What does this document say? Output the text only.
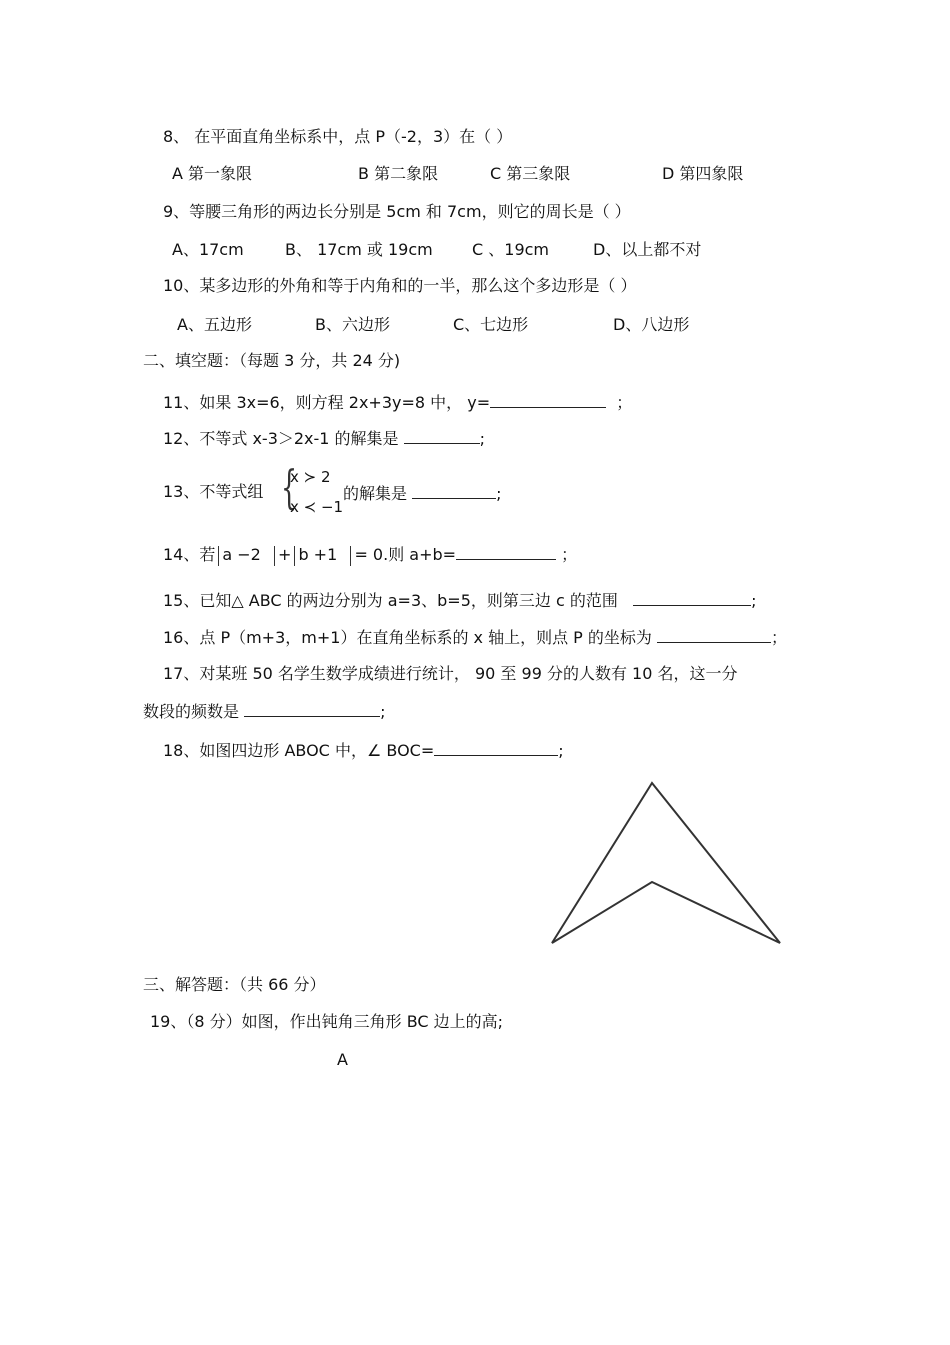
8、 在平面直角坐标系中，点 P（-2，3）在（ ）
A 第一象限	B 第二象限	C 第三象限	D 第四象限
9、等腰三角形的两边长分别是 5cm 和 7cm，则它的周长是（ ）
A、17cm	B、 17cm 或 19cm C 、19cm	D、以上都不对
10、某多边形的外角和等于内角和的一半，那么这个多边形是（ ）
A、五边形	B、六边形	C、七边形	D、八边形
二、填空题：（每题 3 分，共 24 分)
11、如果 3x=6，则方程 2x+3y=8 中， y=	；
12、不等式 x-3＞2x-1 的解集是	;
13、不等式组 {
x ≻ 2
x ≺ −1
的解集是	;
14、若 a −2 + b +1 = 0.则 a+b=	；
15、已知△ ABC 的两边分别为 a=3、b=5，则第三边 c 的范围	;
16、点 P（m+3，m+1）在直角坐标系的 x 轴上，则点 P 的坐标为	；
17、对某班 50 名学生数学成绩进行统计， 90 至 99 分的人数有 10 名，这一分
数段的频数是	;
18、如图四边形 ABOC 中，∠ BOC=	;
三、解答题：（共 66 分）
19、（8 分）如图，作出钝角三角形 BC 边上的高;
A
